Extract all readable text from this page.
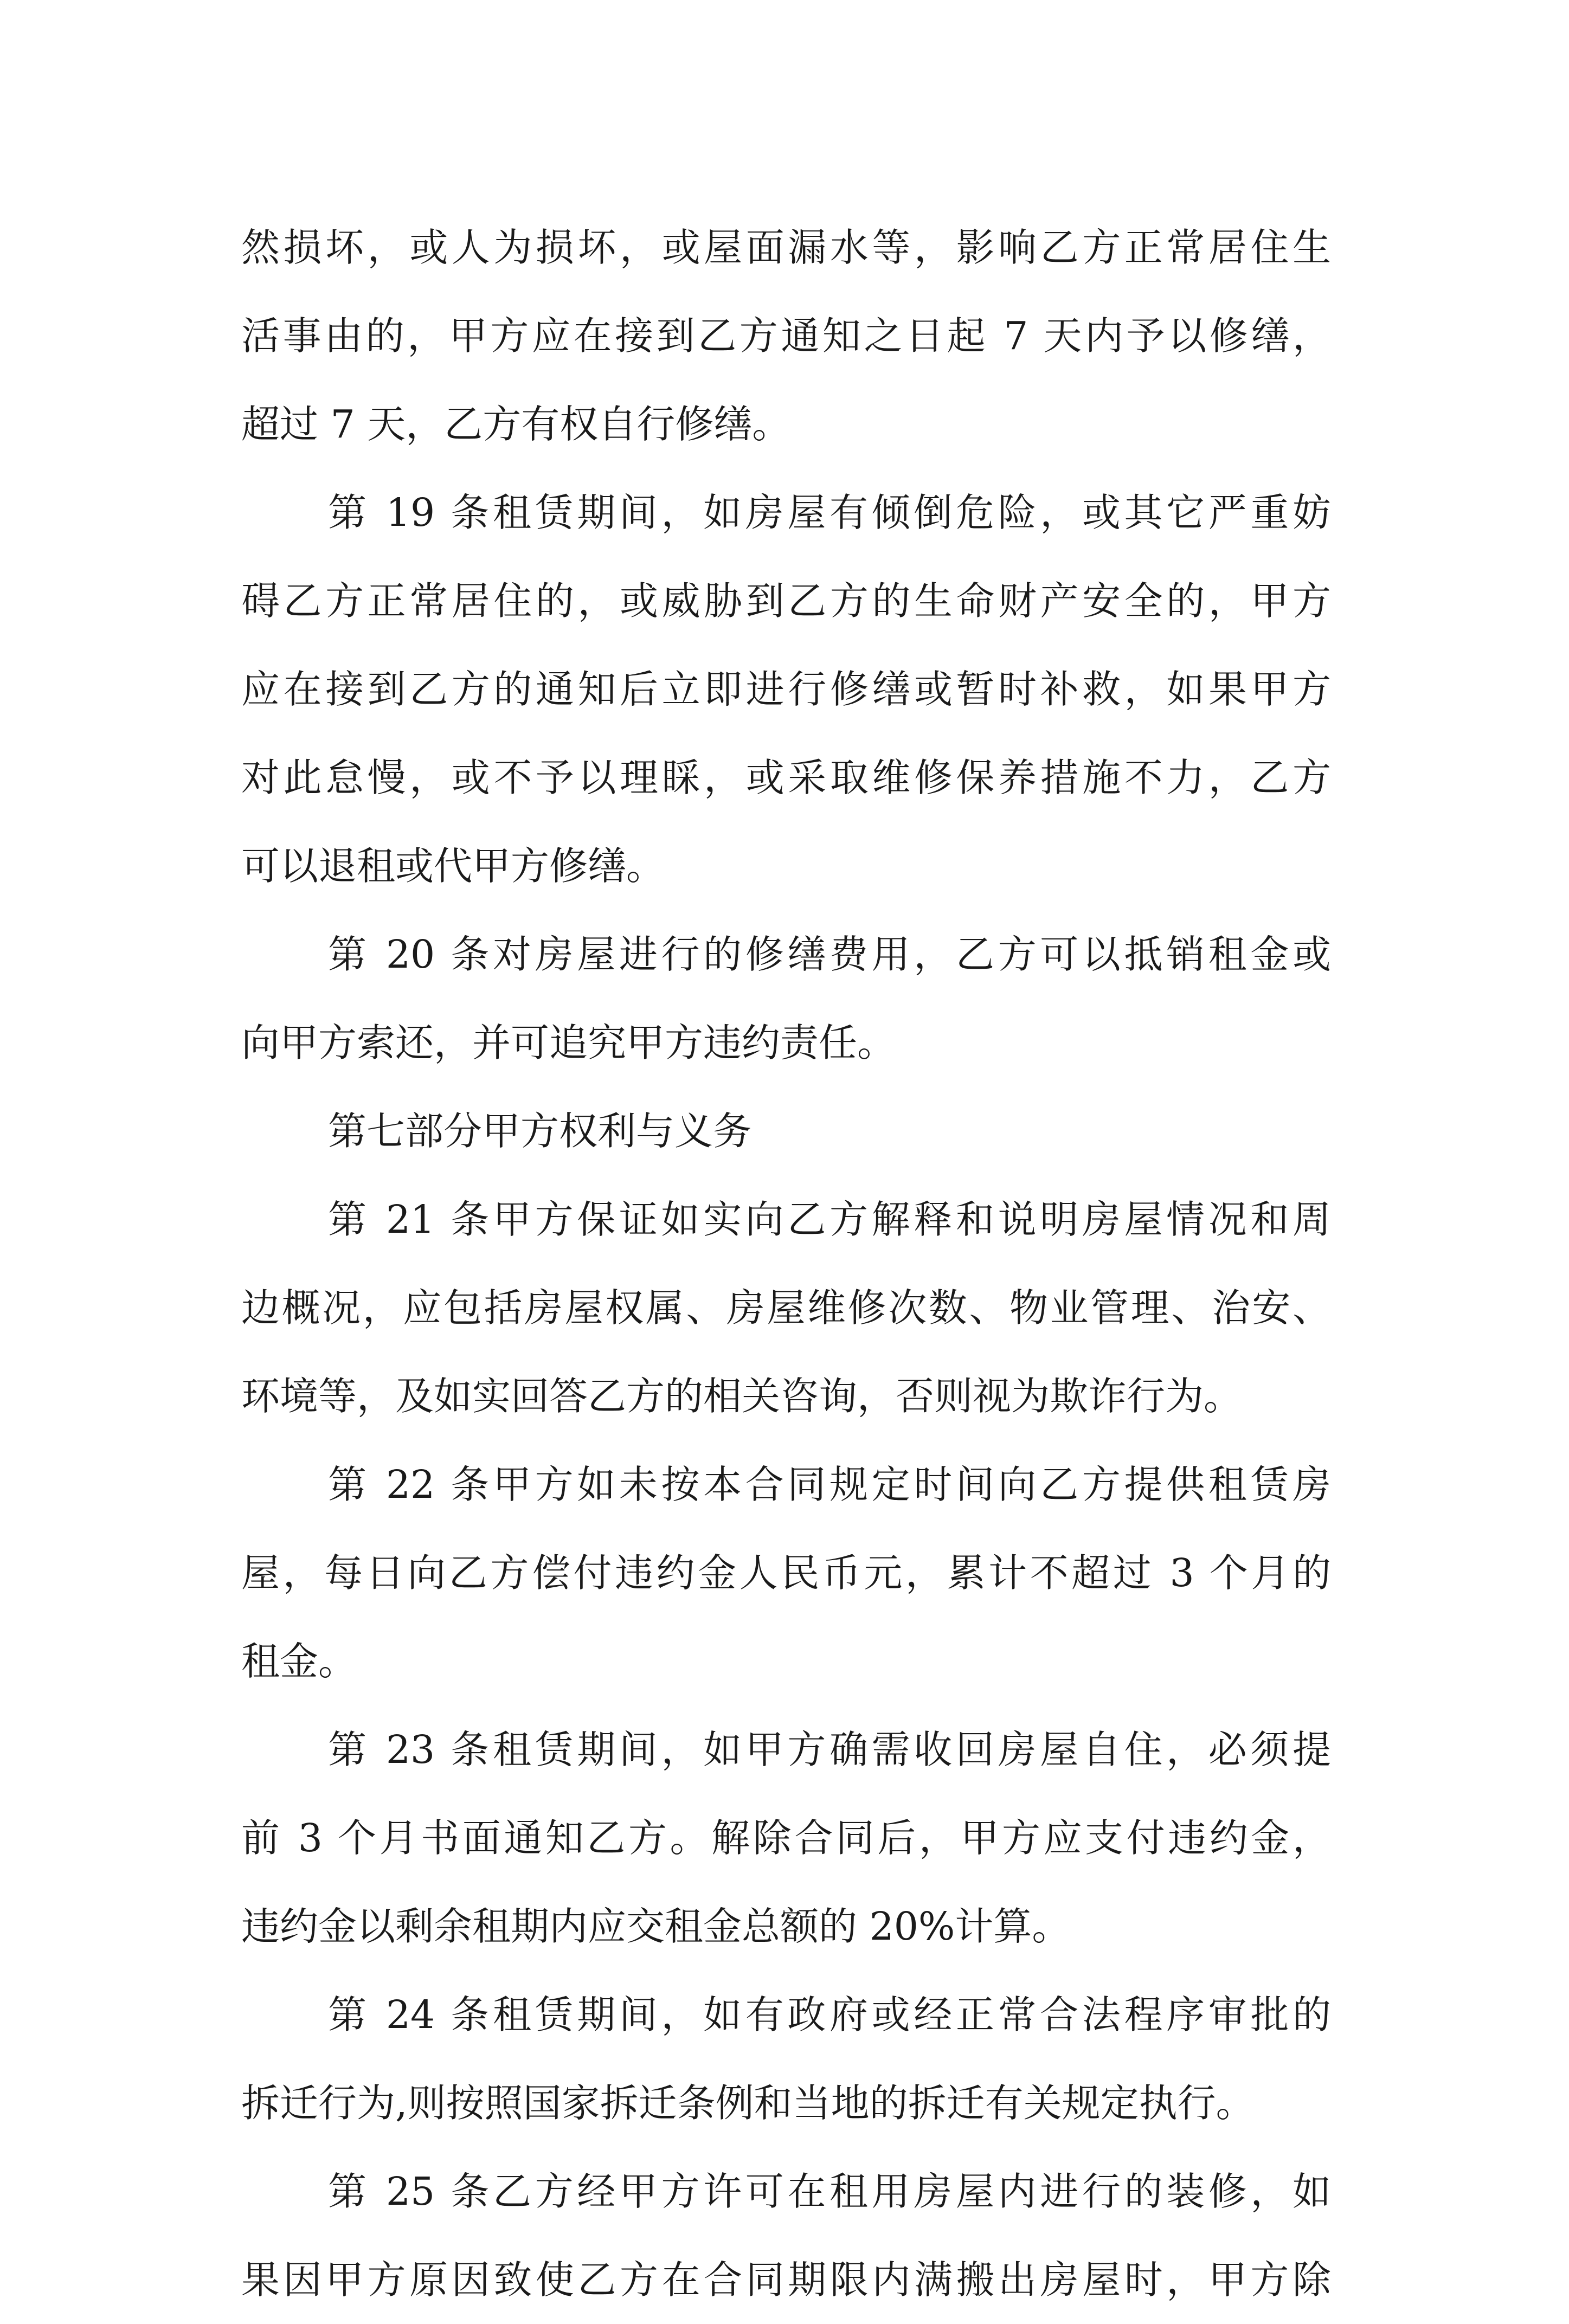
然损坏，或人为损坏，或屋面漏水等，影响乙方正常居住生
活事由的，甲方应在接到乙方通知之日起 7 天内予以修缮，
超过 7 天，乙方有权自行修缮。
第 19 条租赁期间，如房屋有倾倒危险，或其它严重妨
碍乙方正常居住的，或威胁到乙方的生命财产安全的，甲方
应在接到乙方的通知后立即进行修缮或暂时补救，如果甲方
对此怠慢，或不予以理睬，或采取维修保养措施不力，乙方
可以退租或代甲方修缮。
第 20 条对房屋进行的修缮费用，乙方可以抵销租金或
向甲方索还，并可追究甲方违约责任。
第七部分甲方权利与义务
第 21 条甲方保证如实向乙方解释和说明房屋情况和周
边概况，应包括房屋权属、房屋维修次数、物业管理、治安、
环境等，及如实回答乙方的相关咨询，否则视为欺诈行为。
第 22 条甲方如未按本合同规定时间向乙方提供租赁房
屋，每日向乙方偿付违约金人民币元，累计不超过 3 个月的
租金。
第 23 条租赁期间，如甲方确需收回房屋自住，必须提
前 3 个月书面通知乙方。解除合同后，甲方应支付违约金，
违约金以剩余租期内应交租金总额的 20%计算。
第 24 条租赁期间，如有政府或经正常合法程序审批的
拆迁行为,则按照国家拆迁条例和当地的拆迁有关规定执行。
第 25 条乙方经甲方许可在租用房屋内进行的装修，如
果因甲方原因致使乙方在合同期限内满搬出房屋时，甲方除
